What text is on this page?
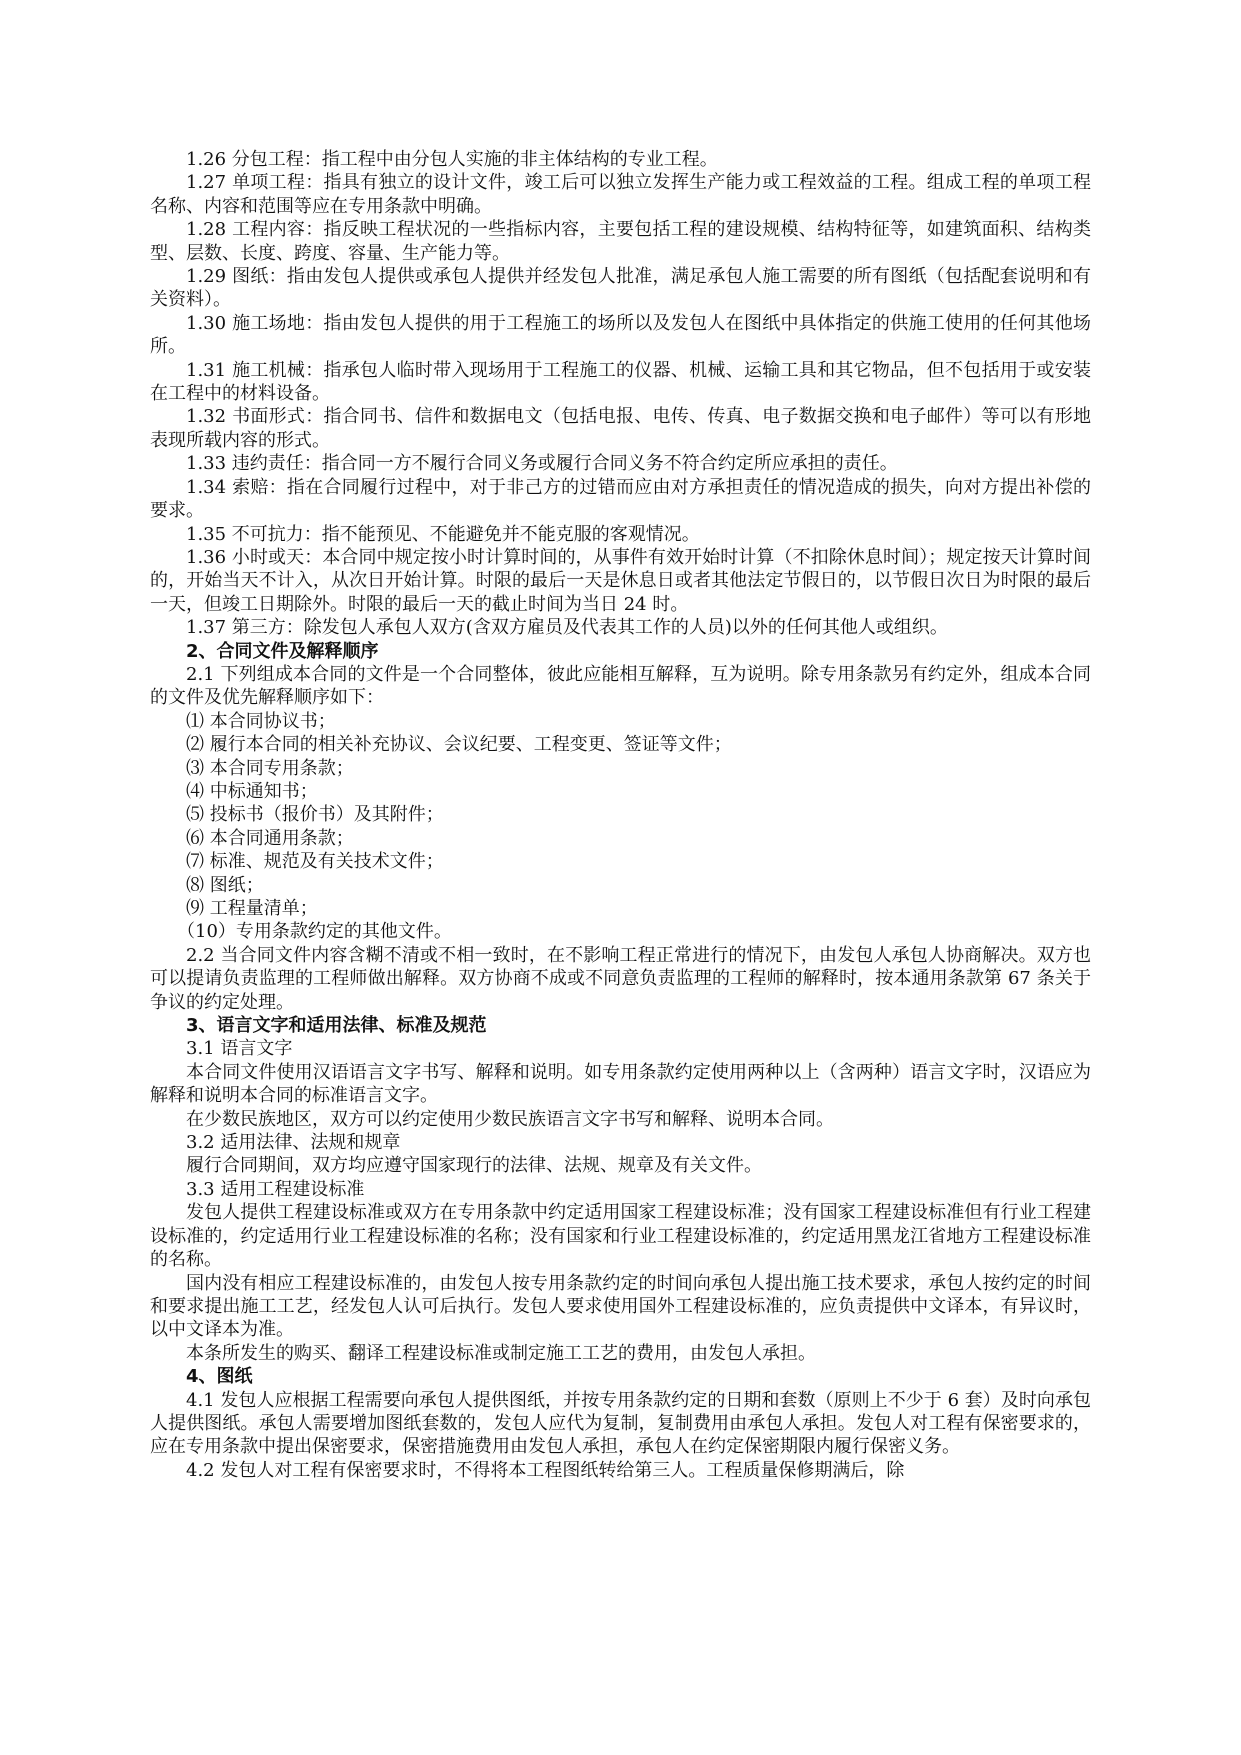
1.26 分包工程：指工程中由分包人实施的非主体结构的专业工程。
1.27 单项工程：指具有独立的设计文件，竣工后可以独立发挥生产能力或工程效益的工程。组成工程的单项工程名称、内容和范围等应在专用条款中明确。
1.28 工程内容：指反映工程状况的一些指标内容，主要包括工程的建设规模、结构特征等，如建筑面积、结构类型、层数、长度、跨度、容量、生产能力等。
1.29 图纸：指由发包人提供或承包人提供并经发包人批准，满足承包人施工需要的所有图纸（包括配套说明和有关资料）。
1.30 施工场地：指由发包人提供的用于工程施工的场所以及发包人在图纸中具体指定的供施工使用的任何其他场所。
1.31 施工机械：指承包人临时带入现场用于工程施工的仪器、机械、运输工具和其它物品，但不包括用于或安装在工程中的材料设备。
1.32 书面形式：指合同书、信件和数据电文（包括电报、电传、传真、电子数据交换和电子邮件）等可以有形地表现所载内容的形式。
1.33 违约责任：指合同一方不履行合同义务或履行合同义务不符合约定所应承担的责任。
1.34 索赔：指在合同履行过程中，对于非己方的过错而应由对方承担责任的情况造成的损失，向对方提出补偿的要求。
1.35 不可抗力：指不能预见、不能避免并不能克服的客观情况。
1.36 小时或天：本合同中规定按小时计算时间的，从事件有效开始时计算（不扣除休息时间）；规定按天计算时间的，开始当天不计入，从次日开始计算。时限的最后一天是休息日或者其他法定节假日的，以节假日次日为时限的最后一天，但竣工日期除外。时限的最后一天的截止时间为当日 24 时。
1.37 第三方：除发包人承包人双方(含双方雇员及代表其工作的人员)以外的任何其他人或组织。
2、合同文件及解释顺序
2.1 下列组成本合同的文件是一个合同整体，彼此应能相互解释，互为说明。除专用条款另有约定外，组成本合同的文件及优先解释顺序如下：
⑴ 本合同协议书；
⑵ 履行本合同的相关补充协议、会议纪要、工程变更、签证等文件；
⑶ 本合同专用条款；
⑷ 中标通知书；
⑸ 投标书（报价书）及其附件；
⑹ 本合同通用条款；
⑺ 标准、规范及有关技术文件；
⑻ 图纸；
⑼ 工程量清单；
（10）专用条款约定的其他文件。
2.2 当合同文件内容含糊不清或不相一致时，在不影响工程正常进行的情况下，由发包人承包人协商解决。双方也可以提请负责监理的工程师做出解释。双方协商不成或不同意负责监理的工程师的解释时，按本通用条款第 67 条关于争议的约定处理。
3、语言文字和适用法律、标准及规范
3.1 语言文字
本合同文件使用汉语语言文字书写、解释和说明。如专用条款约定使用两种以上（含两种）语言文字时，汉语应为解释和说明本合同的标准语言文字。
在少数民族地区，双方可以约定使用少数民族语言文字书写和解释、说明本合同。
3.2 适用法律、法规和规章
履行合同期间，双方均应遵守国家现行的法律、法规、规章及有关文件。
3.3 适用工程建设标准
发包人提供工程建设标准或双方在专用条款中约定适用国家工程建设标准；没有国家工程建设标准但有行业工程建设标准的，约定适用行业工程建设标准的名称；没有国家和行业工程建设标准的，约定适用黑龙江省地方工程建设标准的名称。
国内没有相应工程建设标准的，由发包人按专用条款约定的时间向承包人提出施工技术要求，承包人按约定的时间和要求提出施工工艺，经发包人认可后执行。发包人要求使用国外工程建设标准的，应负责提供中文译本，有异议时，以中文译本为准。
本条所发生的购买、翻译工程建设标准或制定施工工艺的费用，由发包人承担。
4、图纸
4.1 发包人应根据工程需要向承包人提供图纸，并按专用条款约定的日期和套数（原则上不少于 6 套）及时向承包人提供图纸。承包人需要增加图纸套数的，发包人应代为复制，复制费用由承包人承担。发包人对工程有保密要求的，应在专用条款中提出保密要求，保密措施费用由发包人承担，承包人在约定保密期限内履行保密义务。
4.2 发包人对工程有保密要求时，不得将本工程图纸转给第三人。工程质量保修期满后，除
